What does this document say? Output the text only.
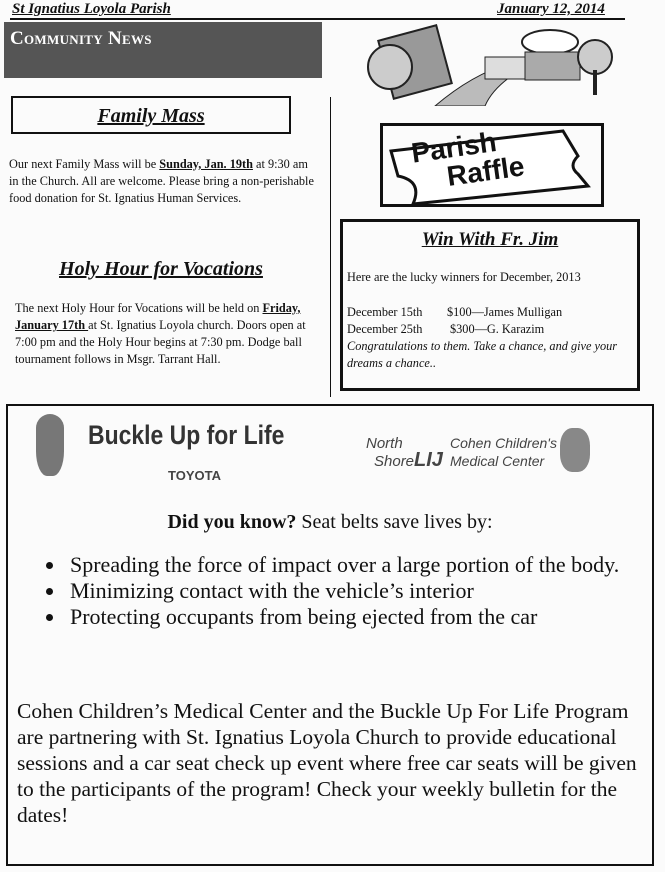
St Ignatius Loyola Parish	January 12, 2014
Community News
Family Mass
Our next Family Mass will be Sunday, Jan. 19th at 9:30 am in the Church. All are welcome. Please bring a non-perishable food donation for St. Ignatius Human Services.
Holy Hour for Vocations
The next Holy Hour for Vocations will be held on Friday, January 17th at St. Ignatius Loyola church. Doors open at 7:00 pm and the Holy Hour begins at 7:30 pm. Dodge ball tournament follows in Msgr. Tarrant Hall.
Parish
Raffle
Win With Fr. Jim
Here are the lucky winners for December, 2013
December 15th $100—James Mulligan
December 25th $300—G. Karazim
Congratulations to them. Take a chance, and give your dreams a chance..
Buckle Up for Life
TOYOTA
North
ShoreLIJ
Cohen Children's
Medical Center
Did you know? Seat belts save lives by:
• Spreading the force of impact over a large portion of the body.
• Minimizing contact with the vehicle’s interior
• Protecting occupants from being ejected from the car
Cohen Children’s Medical Center and the Buckle Up For Life Program are partnering with St. Ignatius Loyola Church to provide educational sessions and a car seat check up event where free car seats will be given to the participants of the program! Check your weekly bulletin for the dates!
